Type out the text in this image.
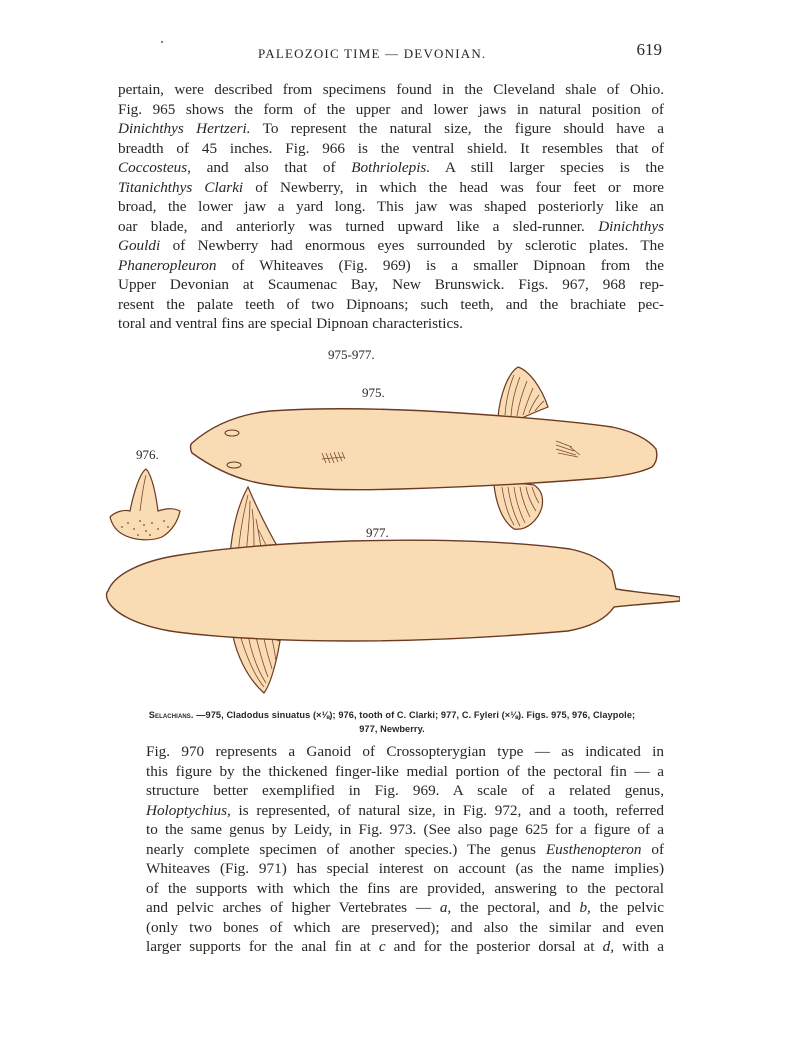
PALEOZOIC TIME — DEVONIAN.	619
pertain, were described from specimens found in the Cleveland shale of Ohio.
Fig. 965 shows the form of the upper and lower jaws in natural position of
Dinichthys Hertzeri. To represent the natural size, the figure should have a
breadth of 45 inches. Fig. 966 is the ventral shield. It resembles that of
Coccosteus, and also that of Bothriolepis. A still larger species is the
Titanichthys Clarki of Newberry, in which the head was four feet or more
broad, the lower jaw a yard long. This jaw was shaped posteriorly like an
oar blade, and anteriorly was turned upward like a sled-runner. Dinichthys
Gouldi of Newberry had enormous eyes surrounded by sclerotic plates. The
Phaneropleuron of Whiteaves (Fig. 969) is a smaller Dipnoan from the
Upper Devonian at Scaumenac Bay, New Brunswick. Figs. 967, 968 rep-
resent the palate teeth of two Dipnoans; such teeth, and the brachiate pec-
toral and ventral fins are special Dipnoan characteristics.
975-977.
975.
976.
977.
Selachians. —975, Cladodus sinuatus (×⅛); 976, tooth of C. Clarki; 977, C. Fyleri (×⅛). Figs. 975, 976, Claypole;
977, Newberry.
Fig. 970 represents a Ganoid of Crossopterygian type — as indicated in
this figure by the thickened finger-like medial portion of the pectoral fin — a
structure better exemplified in Fig. 969. A scale of a related genus,
Holoptychius, is represented, of natural size, in Fig. 972, and a tooth, referred
to the same genus by Leidy, in Fig. 973. (See also page 625 for a figure of a
nearly complete specimen of another species.) The genus Eusthenopteron of
Whiteaves (Fig. 971) has special interest on account (as the name implies)
of the supports with which the fins are provided, answering to the pectoral
and pelvic arches of higher Vertebrates — a, the pectoral, and b, the pelvic
(only two bones of which are preserved); and also the similar and even
larger supports for the anal fin at c and for the posterior dorsal at d, with a
